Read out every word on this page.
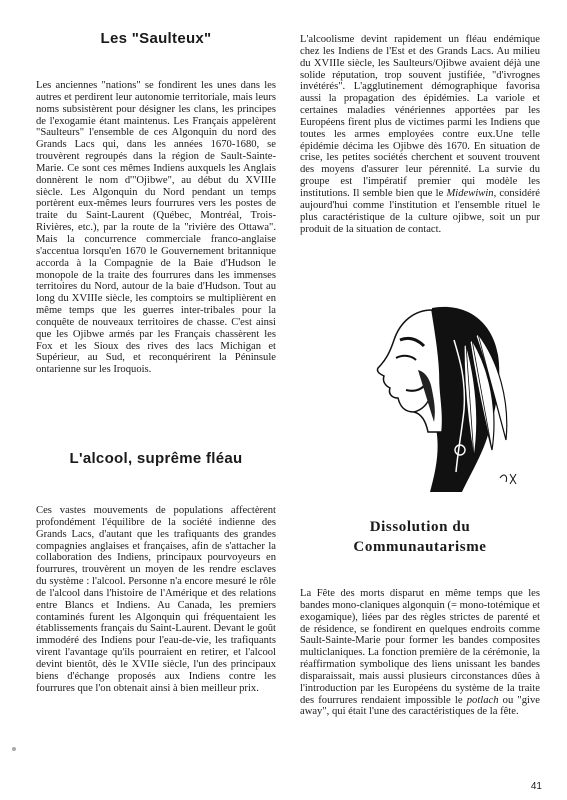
Les "Saulteux"

Les anciennes "nations" se fondirent les unes dans les autres et perdirent leur autonomie territoriale, mais leurs noms subsistèrent pour désigner les clans, les principes de l'exogamie étant maintenus. Les Français appelèrent "Saulteurs" l'ensemble de ces Algonquin du nord des Grands Lacs qui, dans les années 1670-1680, se trouvèrent regroupés dans la région de Sault-Sainte-Marie. Ce sont ces mêmes Indiens auxquels les Anglais donnèrent le nom d'"Ojibwe", au début du XVIIIe siècle. Les Algonquin du Nord pendant un temps portèrent eux-mêmes leurs fourrures vers les postes de traite du Saint-Laurent (Québec, Montréal, Trois-Rivières, etc.), par la route de la "rivière des Ottawa". Mais la concurrence commerciale franco-anglaise s'accentua lorsqu'en 1670 le Gouvernement britannique accorda à la Compagnie de la Baie d'Hudson le monopole de la traite des fourrures dans les immenses territoires du Nord, autour de la baie d'Hudson. Tout au long du XVIIIe siècle, les comptoirs se multiplièrent en même temps que les guerres inter-tribales pour la conquête de nouveaux territoires de chasse. C'est ainsi que les Ojibwe armés par les Français chassèrent les Fox et les Sioux des rives des lacs Michigan et Supérieur, au Sud, et reconquérirent la Péninsule ontarienne sur les Iroquois.

L'alcool, suprême fléau

Ces vastes mouvements de populations affectèrent profondément l'équilibre de la société indienne des Grands Lacs, d'autant que les trafiquants des grandes compagnies anglaises et françaises, afin de s'attacher la collaboration des Indiens, principaux pourvoyeurs en fourrures, trouvèrent un moyen de les rendre esclaves du système : l'alcool. Personne n'a encore mesuré le rôle de l'alcool dans l'histoire de l'Amérique et des relations entre Blancs et Indiens. Au Canada, les premiers contaminés furent les Algonquin qui fréquentaient les établissements français du Saint-Laurent. Devant le goût immodéré des Indiens pour l'eau-de-vie, les trafiquants virent l'avantage qu'ils pourraient en retirer, et l'alcool devint bientôt, dès le XVIIe siècle, l'un des principaux biens d'échange proposés aux Indiens contre les fourrures que l'on obtenait ainsi à bien meilleur prix.

L'alcoolisme devint rapidement un fléau endémique chez les Indiens de l'Est et des Grands Lacs. Au milieu du XVIIIe siècle, les Saulteurs/Ojibwe avaient déjà une solide réputation, trop souvent justifiée, "d'ivrognes invétérés". L'agglutinement démographique favorisa aussi la propagation des épidémies. La variole et certaines maladies vénériennes apportées par les Européens firent plus de victimes parmi les Indiens que toutes les armes employées contre eux.Une telle épidémie décima les Ojibwe dès 1670. En situation de crise, les petites sociétés cherchent et souvent trouvent des moyens d'assurer leur pérennité. La survie du groupe est l'impératif premier qui modèle les institutions. Il semble bien que le Midewiwin, considéré aujourd'hui comme l'institution et l'ensemble rituel le plus caractéristique de la culture ojibwe, soit un pur produit de la situation de contact.

Dissolution du
Communautarisme

La Fête des morts disparut en même temps que les bandes mono-claniques algonquin (= mono-totémique et exogamique), liées par des règles strictes de parenté et de résidence, se fondirent en quelques endroits comme Sault-Sainte-Marie pour former les bandes composites multiclaniques. La fonction première de la cérémonie, la réaffirmation symbolique des liens unissant les bandes disparaissait, mais aussi plusieurs circonstances dûes à l'introduction par les Européens du système de la traite des fourrures rendaient impossible le potlach ou "give away", qui était l'une des caractéristiques de la fête.

41
